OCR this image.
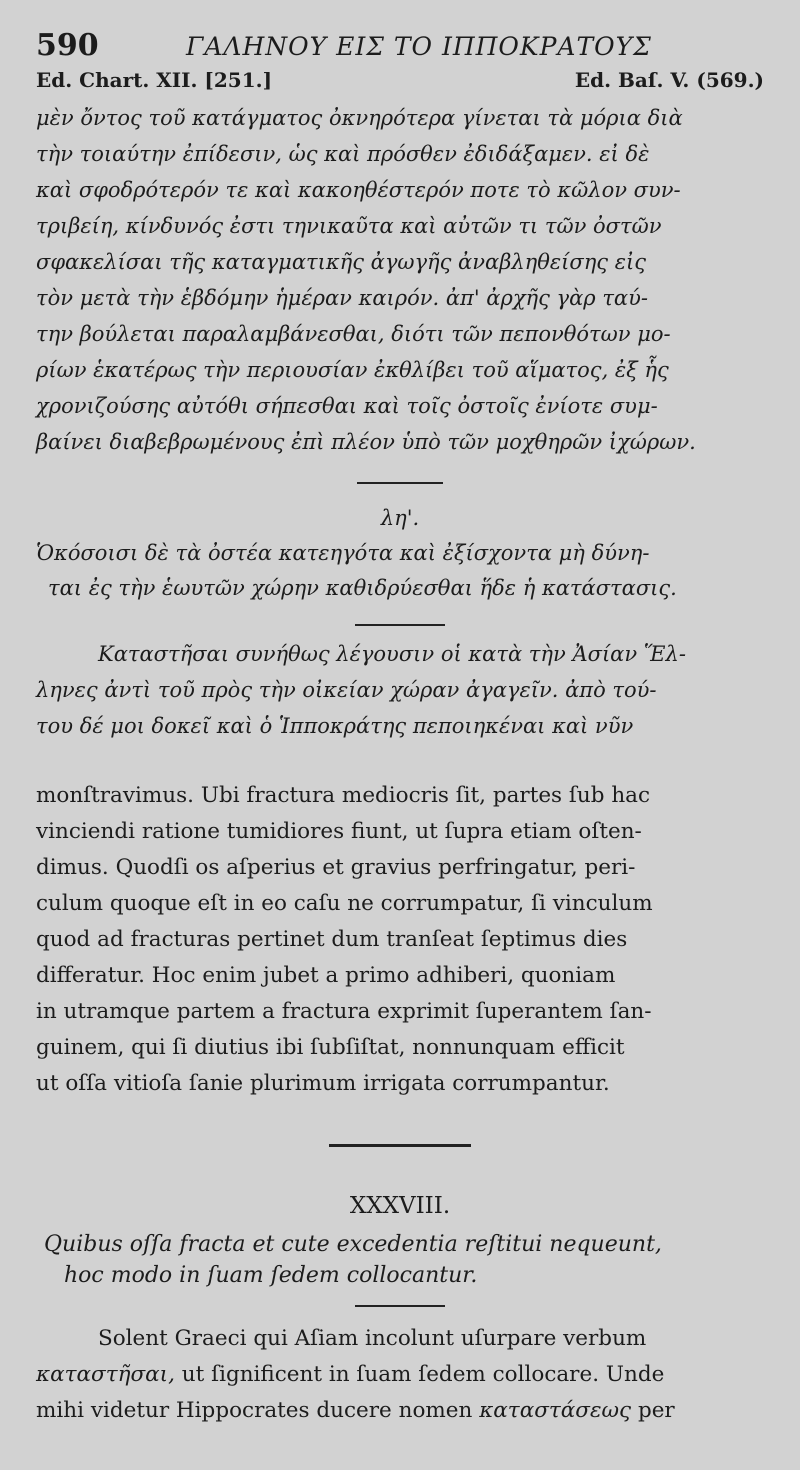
590	ΓΑΛΗΝΟΥ ΕΙΣ ΤΟ ΙΠΠΟΚΡΑΤΟΥΣ
Ed. Chart. XII. [251.]	Ed. Baſ. V. (569.)

μὲν ὄντος τοῦ κατάγματος ὀκνηρότερα γίνεται τὰ μόρια διὰ

τὴν τοιαύτην ἐπίδεσιν, ὡς καὶ πρόσθεν ἐδιδάξαμεν. εἰ δὲ

καὶ σφοδρότερόν τε καὶ κακοηθέστερόν ποτε τὸ κῶλον συν-

τριβείη, κίνδυνός ἐστι τηνικαῦτα καὶ αὐτῶν τι τῶν ὀστῶν

σφακελίσαι τῆς καταγματικῆς ἀγωγῆς ἀναβληθείσης εἰς

τὸν μετὰ τὴν ἑβδόμην ἡμέραν καιρόν. ἀπ' ἀρχῆς γὰρ ταύ-

την βούλεται παραλαμβάνεσθαι, διότι τῶν πεπονθότων μο-

ρίων ἑκατέρως τὴν περιουσίαν ἐκθλίβει τοῦ αἵματος, ἐξ ἧς

χρονιζούσης αὐτόθι σήπεσθαι καὶ τοῖς ὀστοῖς ἐνίοτε συμ-

βαίνει διαβεβρωμένους ἐπὶ πλέον ὑπὸ τῶν μοχθηρῶν ἰχώρων.

λη'.
Ὁκόσοισι δὲ τὰ ὀστέα κατεηγότα καὶ ἐξίσχοντα μὴ δύνη-
ται ἐς τὴν ἑωυτῶν χώρην καθιδρύεσθαι ἥδε ἡ κατάστασις.

Καταστῆσαι συνήθως λέγουσιν οἱ κατὰ τὴν Ἀσίαν Ἕλ-

ληνες ἀντὶ τοῦ πρὸς τὴν οἰκείαν χώραν ἀγαγεῖν. ἀπὸ τού-

του δέ μοι δοκεῖ καὶ ὁ Ἱπποκράτης πεποιηκέναι καὶ νῦν

monſtravimus. Ubi fractura mediocris ſit, partes ſub hac
vinciendi ratione tumidiores fiunt, ut ſupra etiam oſten-
dimus. Quodſi os aſperius et gravius perfringatur, peri-
culum quoque eſt in eo caſu ne corrumpatur, ſi vinculum
quod ad fracturas pertinet dum tranſeat ſeptimus dies
differatur. Hoc enim jubet a primo adhiberi, quoniam
in utramque partem a fractura exprimit ſuperantem ſan-
guinem, qui ſi diutius ibi ſubſiſtat, nonnunquam efficit
ut oſſa vitioſa ſanie plurimum irrigata corrumpantur.
XXXVIII.
Quibus oſſa fracta et cute excedentia reſtitui nequeunt,
hoc modo in ſuam ſedem collocantur.
Solent Graeci qui Aſiam incolunt uſurpare verbum
καταστῆσαι, ut ſignificent in ſuam ſedem collocare. Unde
mihi videtur Hippocrates ducere nomen καταστάσεως per
